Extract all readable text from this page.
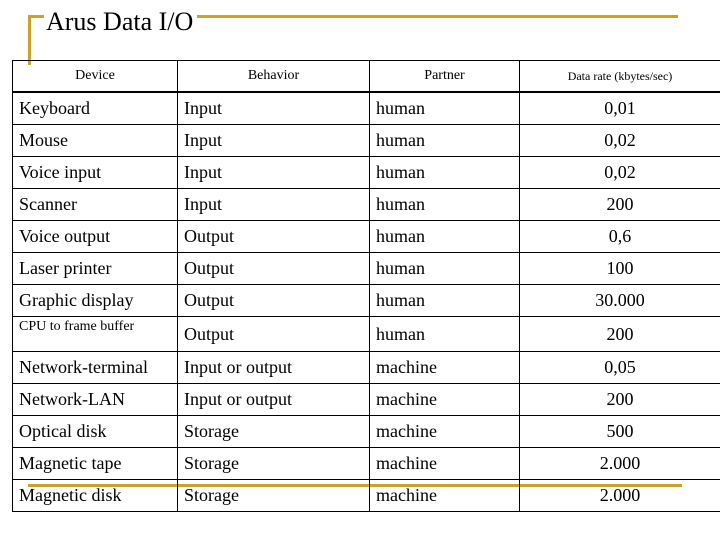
Arus Data I/O
Device	Behavior	Partner	Data rate (kbytes/sec)
Keyboard	Input	human	0,01
Mouse	Input	human	0,02
Voice input	Input	human	0,02
Scanner	Input	human	200
Voice output	Output	human	0,6
Laser printer	Output	human	100
Graphic display	Output	human	30.000
CPU to frame buffer	Output	human	200
Network-terminal	Input or output	machine	0,05
Network-LAN	Input or output	machine	200
Optical disk	Storage	machine	500
Magnetic tape	Storage	machine	2.000
Magnetic disk	Storage	machine	2.000
